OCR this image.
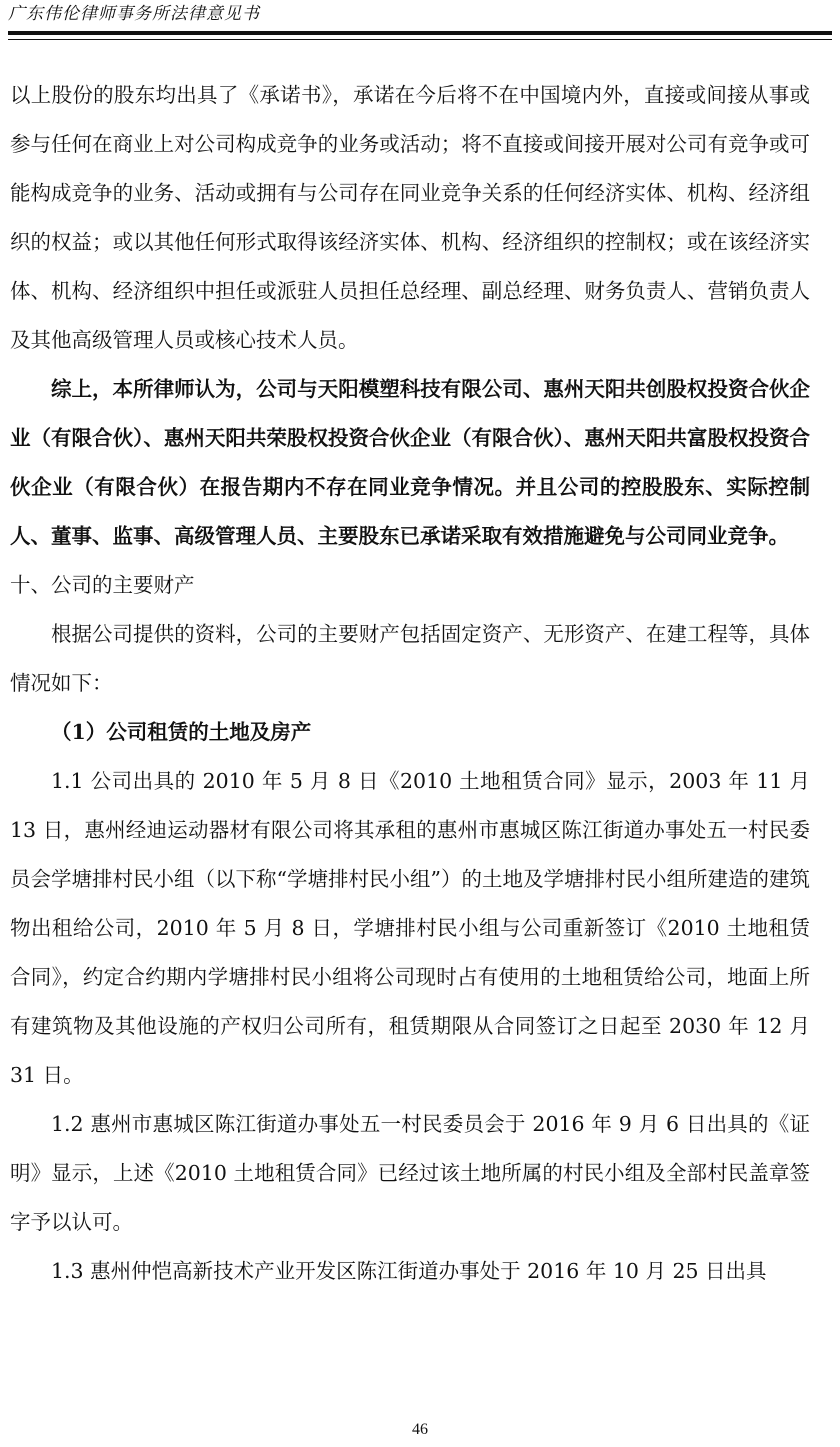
广东伟伦律师事务所法律意见书

以上股份的股东均出具了《承诺书》，承诺在今后将不在中国境内外，直接或间接从事或参与任何在商业上对公司构成竞争的业务或活动；将不直接或间接开展对公司有竞争或可能构成竞争的业务、活动或拥有与公司存在同业竞争关系的任何经济实体、机构、经济组织的权益；或以其他任何形式取得该经济实体、机构、经济组织的控制权；或在该经济实体、机构、经济组织中担任或派驻人员担任总经理、副总经理、财务负责人、营销负责人及其他高级管理人员或核心技术人员。

综上，本所律师认为，公司与天阳模塑科技有限公司、惠州天阳共创股权投资合伙企业（有限合伙）、惠州天阳共荣股权投资合伙企业（有限合伙）、惠州天阳共富股权投资合伙企业（有限合伙）在报告期内不存在同业竞争情况。并且公司的控股股东、实际控制人、董事、监事、高级管理人员、主要股东已承诺采取有效措施避免与公司同业竞争。

十、公司的主要财产

根据公司提供的资料，公司的主要财产包括固定资产、无形资产、在建工程等，具体情况如下：

（1）公司租赁的土地及房产

1.1 公司出具的 2010 年 5 月 8 日《2010 土地租赁合同》显示，2003 年 11 月 13 日，惠州经迪运动器材有限公司将其承租的惠州市惠城区陈江街道办事处五一村民委员会学塘排村民小组（以下称“学塘排村民小组”）的土地及学塘排村民小组所建造的建筑物出租给公司，2010 年 5 月 8 日，学塘排村民小组与公司重新签订《2010 土地租赁合同》，约定合约期内学塘排村民小组将公司现时占有使用的土地租赁给公司，地面上所有建筑物及其他设施的产权归公司所有，租赁期限从合同签订之日起至 2030 年 12 月 31 日。

1.2 惠州市惠城区陈江街道办事处五一村民委员会于 2016 年 9 月 6 日出具的《证明》显示，上述《2010 土地租赁合同》已经过该土地所属的村民小组及全部村民盖章签字予以认可。

1.3 惠州仲恺高新技术产业开发区陈江街道办事处于 2016 年 10 月 25 日出具

46
